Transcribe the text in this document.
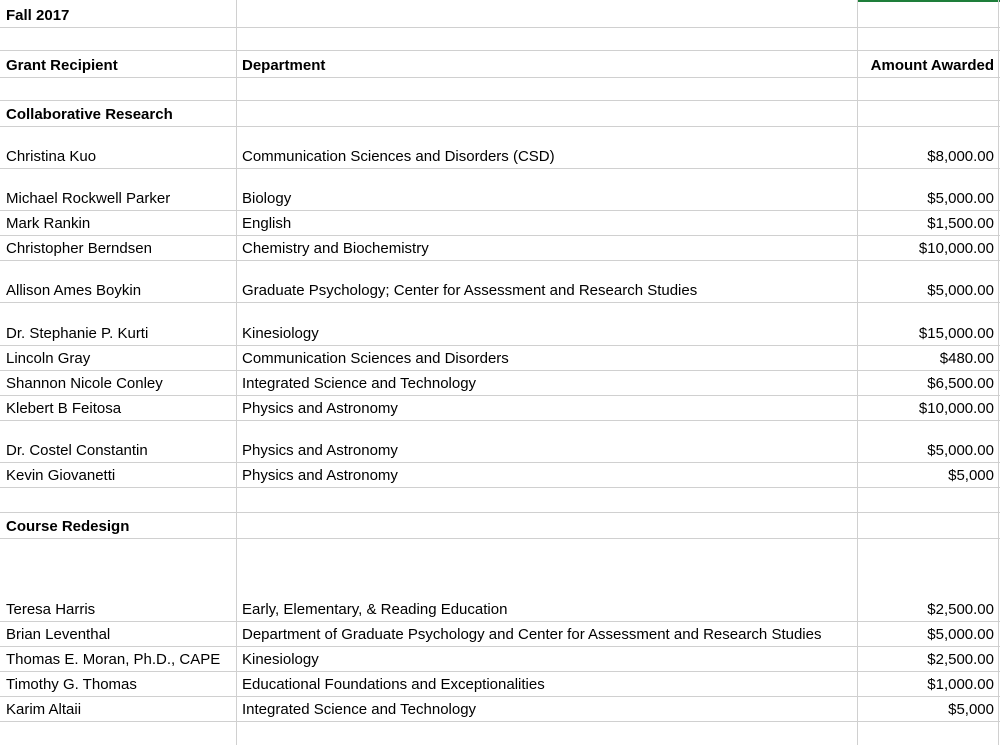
Fall 2017
Grant Recipient	Department	Amount Awarded
Collaborative Research
Christina Kuo	Communication Sciences and Disorders (CSD)	$8,000.00
Michael Rockwell Parker	Biology	$5,000.00
Mark Rankin	English	$1,500.00
Christopher Berndsen	Chemistry and Biochemistry	$10,000.00
Allison Ames Boykin	Graduate Psychology; Center for Assessment and Research Studies	$5,000.00
Dr. Stephanie P. Kurti	Kinesiology	$15,000.00
Lincoln Gray	Communication Sciences and Disorders	$480.00
Shannon Nicole Conley	Integrated Science and Technology	$6,500.00
Klebert B Feitosa	Physics and Astronomy	$10,000.00
Dr. Costel Constantin	Physics and Astronomy	$5,000.00
Kevin Giovanetti	Physics and Astronomy	$5,000
Course Redesign
Teresa Harris	Early, Elementary, & Reading Education	$2,500.00
Brian Leventhal	Department of Graduate Psychology and Center for Assessment and Research Studies	$5,000.00
Thomas E. Moran, Ph.D., CAPE	Kinesiology	$2,500.00
Timothy G. Thomas	Educational Foundations and Exceptionalities	$1,000.00
Karim Altaii	Integrated Science and Technology	$5,000
